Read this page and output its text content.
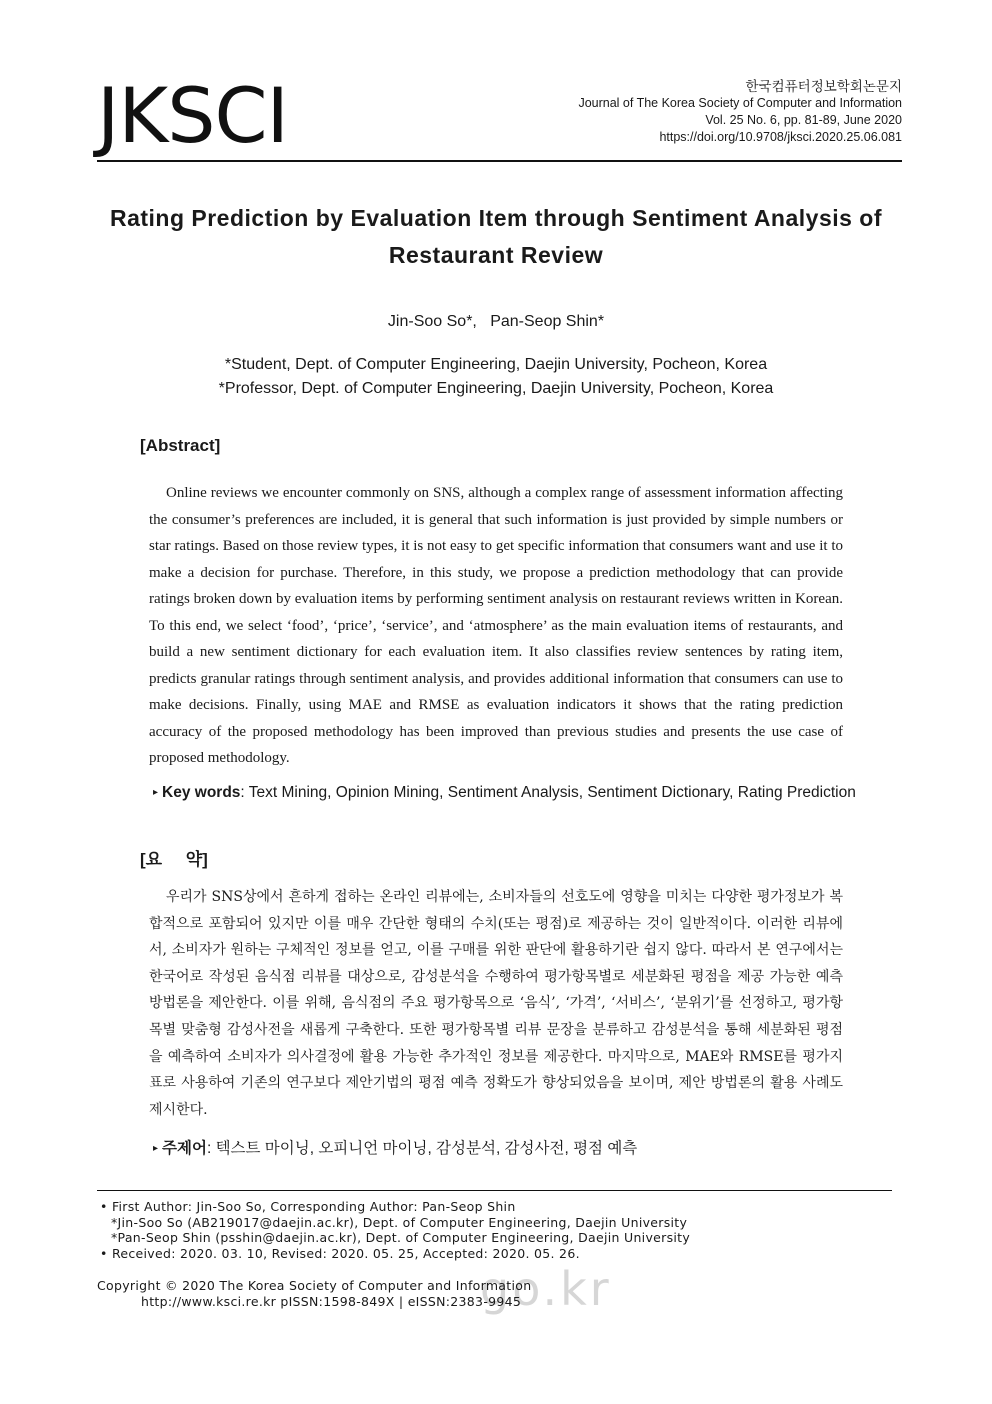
JKSCI	한국컴퓨터정보학회논문지
Journal of The Korea Society of Computer and Information
Vol. 25 No. 6, pp. 81-89, June 2020
https://doi.org/10.9708/jksci.2020.25.06.081
Rating Prediction by Evaluation Item through Sentiment Analysis of
Restaurant Review
Jin-Soo So*,   Pan-Seop Shin*
*Student, Dept. of Computer Engineering, Daejin University, Pocheon, Korea
*Professor, Dept. of Computer Engineering, Daejin University, Pocheon, Korea
[Abstract]
Online reviews we encounter commonly on SNS, although a complex range of assessment information affecting the consumer’s preferences are included, it is general that such information is just provided by simple numbers or star ratings. Based on those review types, it is not easy to get specific information that consumers want and use it to make a decision for purchase. Therefore, in this study, we propose a prediction methodology that can provide ratings broken down by evaluation items by performing sentiment analysis on restaurant reviews written in Korean. To this end, we select ‘food’, ‘price’, ‘service’, and ‘atmosphere’ as the main evaluation items of restaurants, and build a new sentiment dictionary for each evaluation item. It also classifies review sentences by rating item, predicts granular ratings through sentiment analysis, and provides additional information that consumers can use to make decisions. Finally, using MAE and RMSE as evaluation indicators it shows that the rating prediction accuracy of the proposed methodology has been improved than previous studies and presents the use case of proposed methodology.
▸ Key words: Text Mining, Opinion Mining, Sentiment Analysis, Sentiment Dictionary, Rating Prediction
[요     약]
우리가 SNS상에서 흔하게 접하는 온라인 리뷰에는, 소비자들의 선호도에 영향을 미치는 다양한 평가정보가 복합적으로 포함되어 있지만 이를 매우 간단한 형태의 수치(또는 평점)로 제공하는 것이 일반적이다. 이러한 리뷰에서, 소비자가 원하는 구체적인 정보를 얻고, 이를 구매를 위한 판단에 활용하기란 쉽지 않다. 따라서 본 연구에서는 한국어로 작성된 음식점 리뷰를 대상으로, 감성분석을 수행하여 평가항목별로 세분화된 평점을 제공 가능한 예측 방법론을 제안한다. 이를 위해, 음식점의 주요 평가항목으로 ‘음식’, ‘가격’, ‘서비스’, ‘분위기’를 선정하고, 평가항목별 맞춤형 감성사전을 새롭게 구축한다. 또한 평가항목별 리뷰 문장을 분류하고 감성분석을 통해 세분화된 평점을 예측하여 소비자가 의사결정에 활용 가능한 추가적인 정보를 제공한다. 마지막으로, MAE와 RMSE를 평가지표로 사용하여 기존의 연구보다 제안기법의 평점 예측 정확도가 향상되었음을 보이며, 제안 방법론의 활용 사례도 제시한다.
▸ 주제어: 텍스트 마이닝, 오피니언 마이닝, 감성분석, 감성사전, 평점 예측
• First Author: Jin-Soo So, Corresponding Author: Pan-Seop Shin
*Jin-Soo So (AB219017@daejin.ac.kr), Dept. of Computer Engineering, Daejin University
*Pan-Seop Shin (psshin@daejin.ac.kr), Dept. of Computer Engineering, Daejin University
• Received: 2020. 03. 10, Revised: 2020. 05. 25, Accepted: 2020. 05. 26.
go.kr
Copyright © 2020 The Korea Society of Computer and Information
http://www.ksci.re.kr pISSN:1598-849X | eISSN:2383-9945
